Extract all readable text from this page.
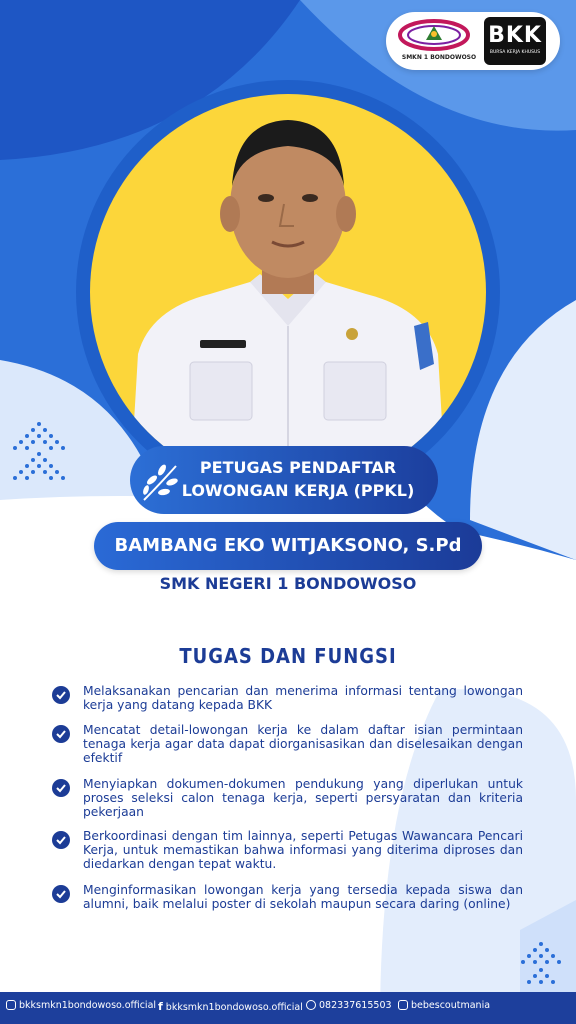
SMKN 1 BONDOWOSO
BKK
BURSA KERJA KHUSUS
PETUGAS PENDAFTAR
LOWONGAN KERJA (PPKL)
BAMBANG EKO WITJAKSONO, S.Pd
SMK NEGERI 1 BONDOWOSO
TUGAS DAN FUNGSI
Melaksanakan pencarian dan menerima informasi tentang lowongan kerja yang datang kepada BKK
Mencatat detail-lowongan kerja ke dalam daftar isian permintaan tenaga kerja agar data dapat diorganisasikan dan diselesaikan dengan efektif
Menyiapkan dokumen-dokumen pendukung yang diperlukan untuk proses seleksi calon tenaga kerja, seperti persyaratan dan kriteria pekerjaan
Berkoordinasi dengan tim lainnya, seperti Petugas Wawancara Pencari Kerja, untuk memastikan bahwa informasi yang diterima diproses dan diedarkan dengan tepat waktu.
Menginformasikan lowongan kerja yang tersedia kepada siswa dan alumni, baik melalui poster di sekolah maupun secara daring (online)
bkksmkn1bondowoso.official f bkksmkn1bondowoso.official	082337615503	bebescoutmania
